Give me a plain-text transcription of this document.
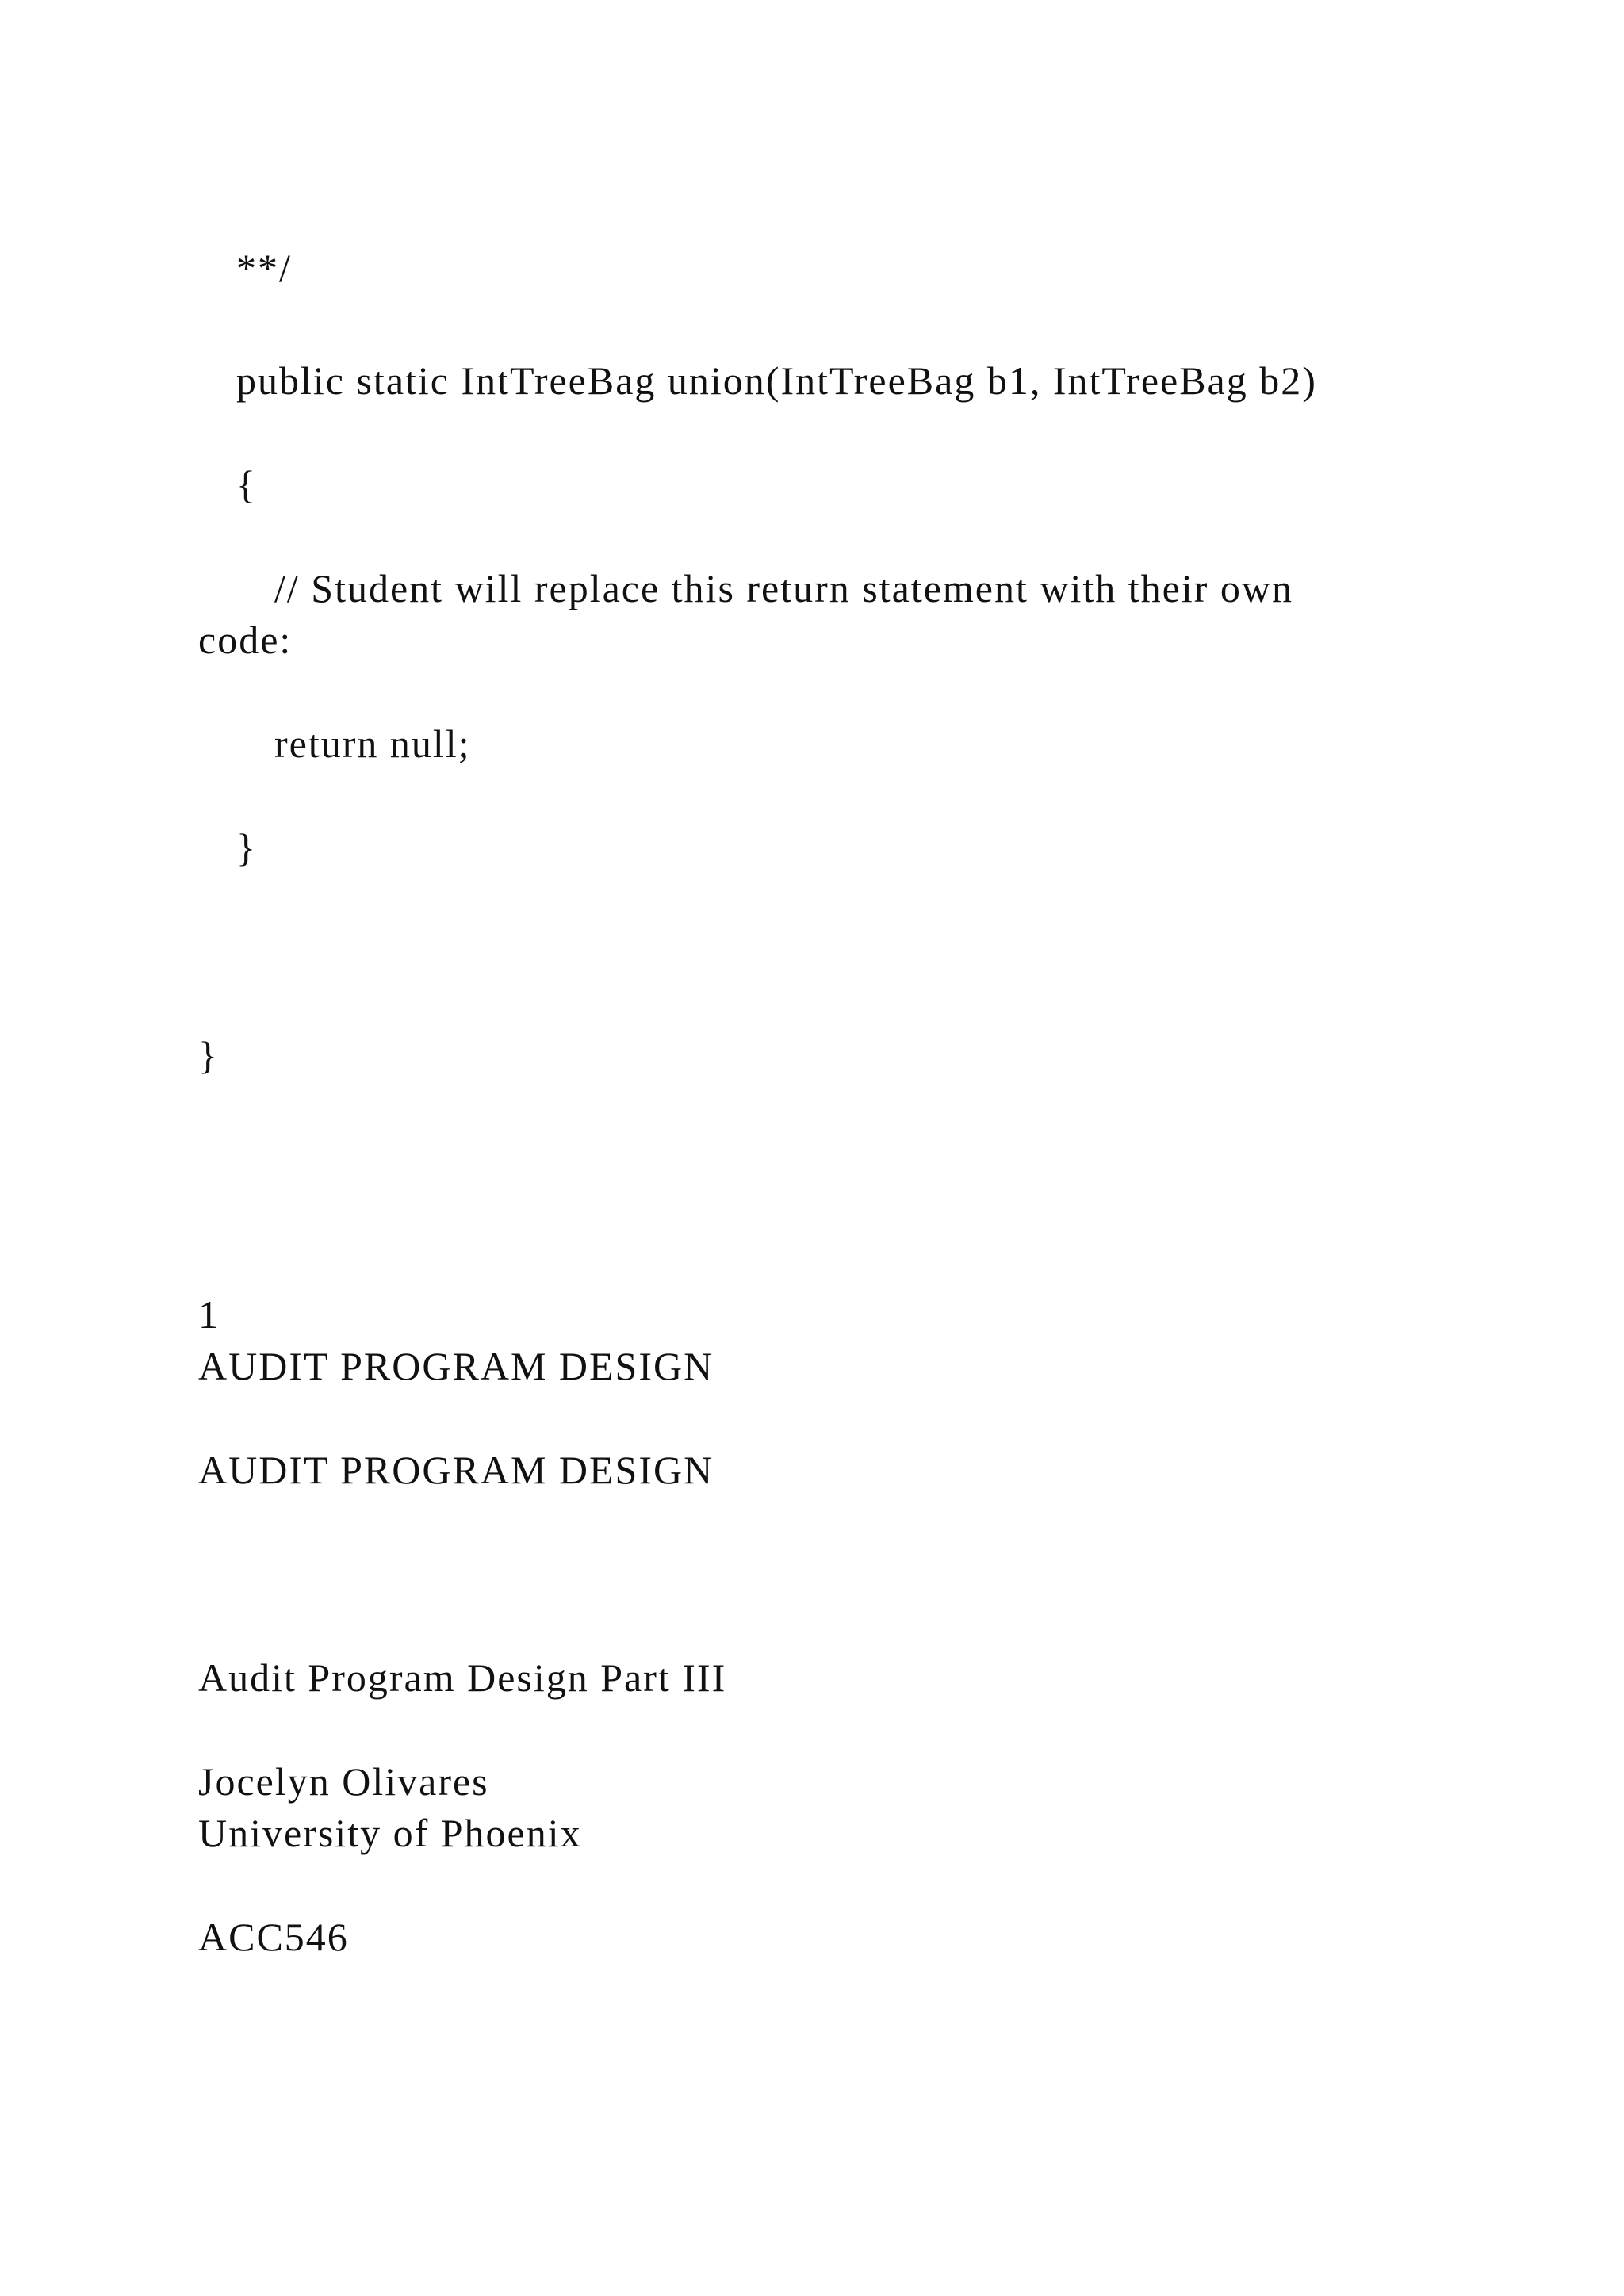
**/

public static IntTreeBag union(IntTreeBag b1, IntTreeBag b2)

{

// Student will replace this return statement with their own

code:

return null;

}

}

1

AUDIT PROGRAM DESIGN

AUDIT PROGRAM DESIGN

Audit Program Design Part III

Jocelyn Olivares

University of Phoenix

ACC546
